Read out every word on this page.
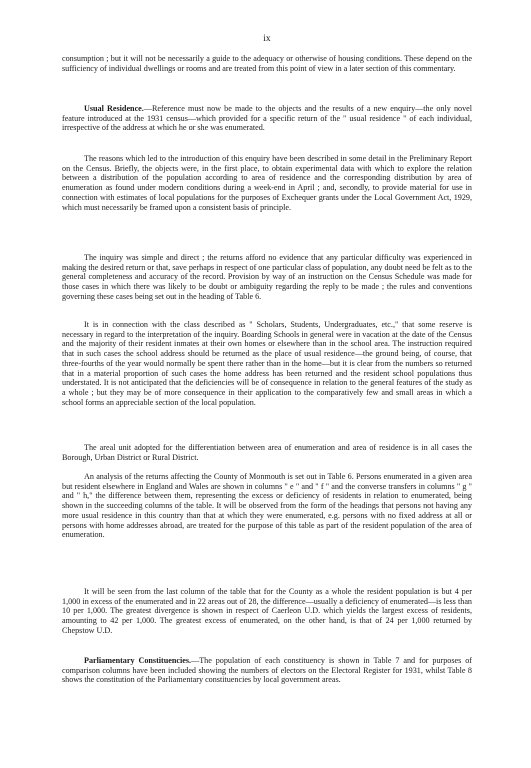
ix

consumption ; but it will not be necessarily a guide to the adequacy or otherwise of housing conditions. These depend on the sufficiency of individual dwellings or rooms and are treated from this point of view in a later section of this commentary.

Usual Residence.—Reference must now be made to the objects and the results of a new enquiry—the only novel feature introduced at the 1931 census—which provided for a specific return of the " usual residence " of each individual, irrespective of the address at which he or she was enumerated.

The reasons which led to the introduction of this enquiry have been described in some detail in the Preliminary Report on the Census. Briefly, the objects were, in the first place, to obtain experimental data with which to explore the relation between a distribution of the population according to area of residence and the corresponding distribution by area of enumeration as found under modern conditions during a week-end in April ; and, secondly, to provide material for use in connection with estimates of local populations for the purposes of Exchequer grants under the Local Government Act, 1929, which must necessarily be framed upon a consistent basis of principle.

The inquiry was simple and direct ; the returns afford no evidence that any particular difficulty was experienced in making the desired return or that, save perhaps in respect of one particular class of population, any doubt need be felt as to the general completeness and accuracy of the record. Provision by way of an instruction on the Census Schedule was made for those cases in which there was likely to be doubt or ambiguity regarding the reply to be made ; the rules and conventions governing these cases being set out in the heading of Table 6.

It is in connection with the class described as " Scholars, Students, Undergraduates, etc.," that some reserve is necessary in regard to the interpretation of the inquiry. Boarding Schools in general were in vacation at the date of the Census and the majority of their resident inmates at their own homes or elsewhere than in the school area. The instruction required that in such cases the school address should be returned as the place of usual residence—the ground being, of course, that three-fourths of the year would normally be spent there rather than in the home—but it is clear from the numbers so returned that in a material proportion of such cases the home address has been returned and the resident school populations thus understated. It is not anticipated that the deficiencies will be of consequence in relation to the general features of the study as a whole ; but they may be of more consequence in their application to the comparatively few and small areas in which a school forms an appreciable section of the local population.

The areal unit adopted for the differentiation between area of enumeration and area of residence is in all cases the Borough, Urban District or Rural District.

An analysis of the returns affecting the County of Monmouth is set out in Table 6. Persons enumerated in a given area but resident elsewhere in England and Wales are shown in columns " e " and " f " and the converse transfers in columns " g " and " h," the difference between them, representing the excess or deficiency of residents in relation to enumerated, being shown in the succeeding columns of the table. It will be observed from the form of the headings that persons not having any more usual residence in this country than that at which they were enumerated, e.g. persons with no fixed address at all or persons with home addresses abroad, are treated for the purpose of this table as part of the resident population of the area of enumeration.

It will be seen from the last column of the table that for the County as a whole the resident population is but 4 per 1,000 in excess of the enumerated and in 22 areas out of 28, the difference—usually a deficiency of enumerated—is less than 10 per 1,000. The greatest divergence is shown in respect of Caerleon U.D. which yields the largest excess of residents, amounting to 42 per 1,000. The greatest excess of enumerated, on the other hand, is that of 24 per 1,000 returned by Chepstow U.D.

Parliamentary Constituencies.—The population of each constituency is shown in Table 7 and for purposes of comparison columns have been included showing the numbers of electors on the Electoral Register for 1931, whilst Table 8 shows the constitution of the Parliamentary constituencies by local government areas.
